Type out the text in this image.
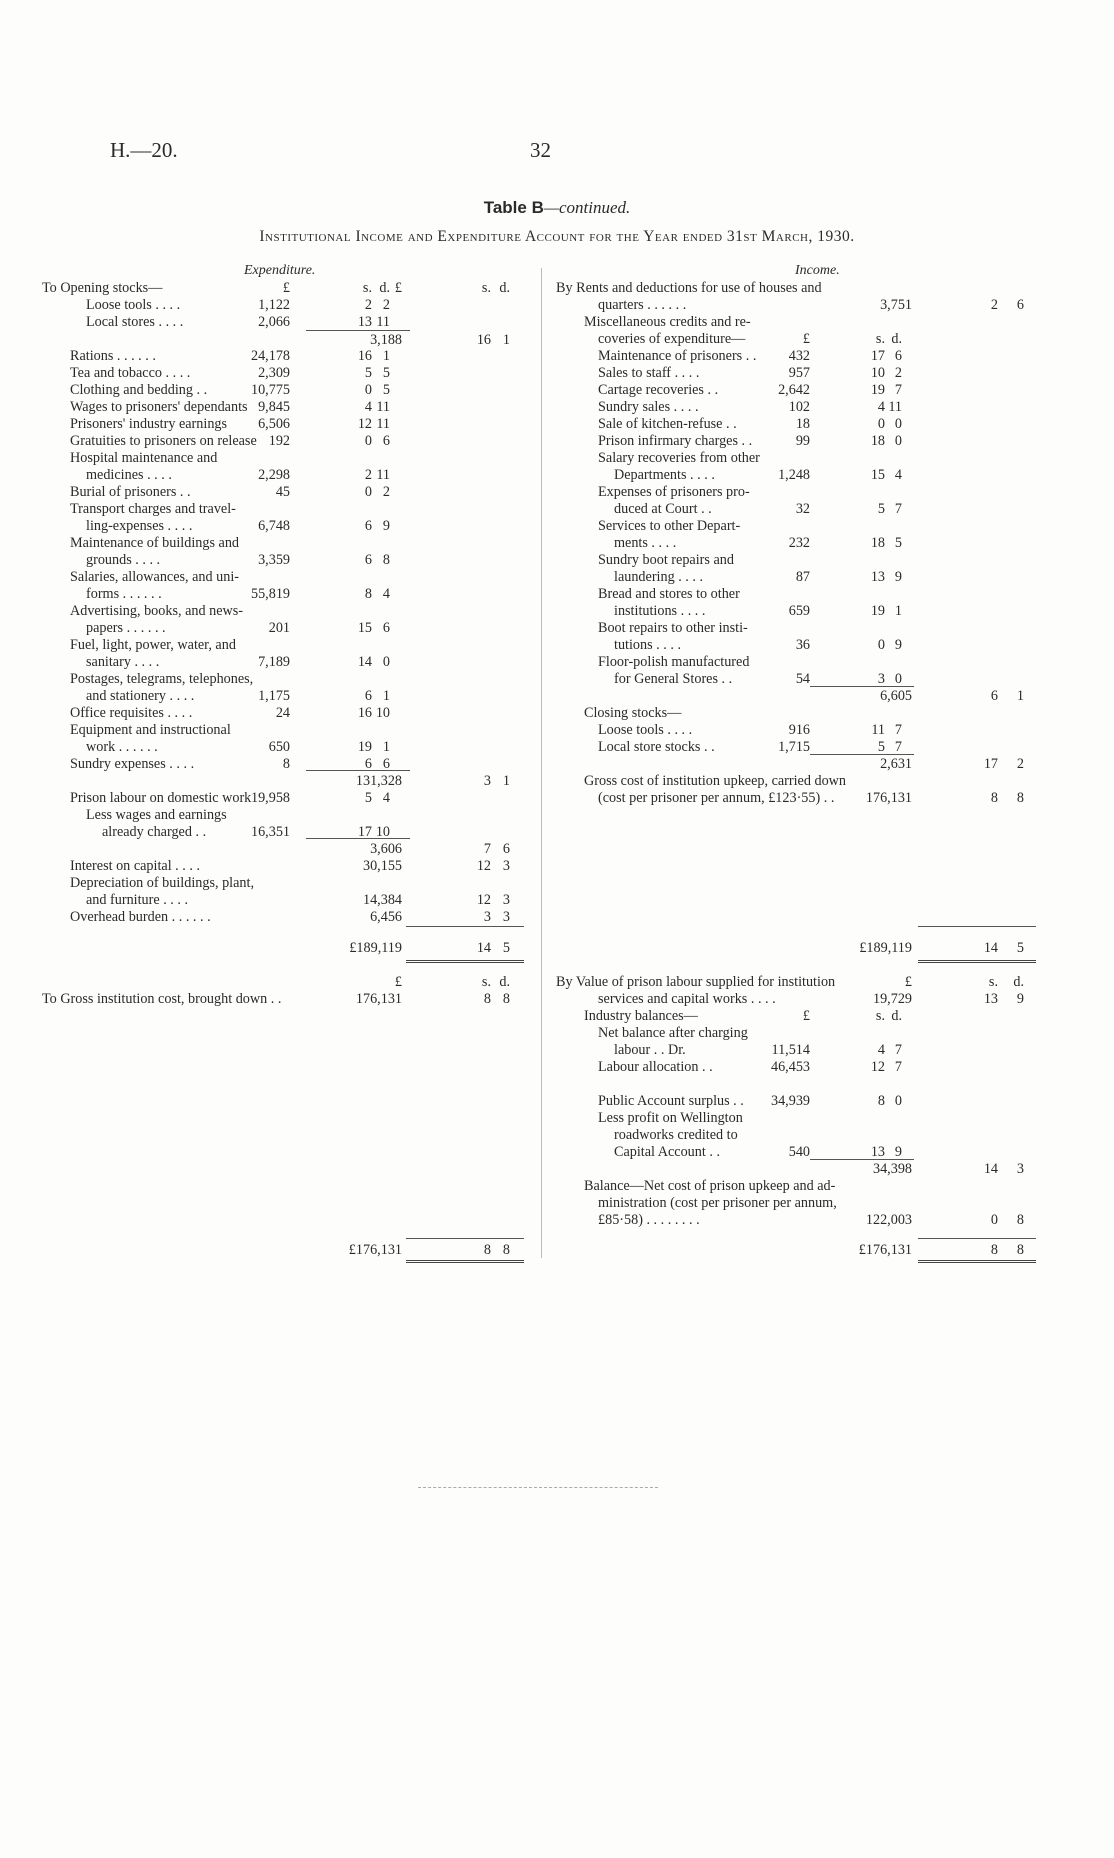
H.—20.	32
Table B—continued.
Institutional Income and Expenditure Account for the Year ended 31st March, 1930.
Expenditure.	Income.
£	s. d. £	s. d.
To Opening stocks—
Loose tools . . . .	1,122	2 2
Local stores . . . .	2,066	13 11
3,188	16 1
Rations . . . . . .	24,178	16 1
Tea and tobacco . . . .	2,309	5 5
Clothing and bedding . .	10,775	0 5
Wages to prisoners' dependants 9,845	4 11
Prisoners' industry earnings	6,506	12 11
Gratuities to prisoners on release 192	0 6
Hospital maintenance and
medicines . . . .	2,298	2 11
Burial of prisoners . .	45	0 2
Transport charges and travel-
ling-expenses . . . .	6,748	6 9
Maintenance of buildings and
grounds . . . .	3,359	6 8
Salaries, allowances, and uni-
forms . . . . . .	55,819	8 4
Advertising, books, and news-
papers . . . . . .	201	15 6
Fuel, light, power, water, and
sanitary . . . .	7,189	14 0
Postages, telegrams, telephones,
and stationery . . . .	1,175	6 1
Office requisites . . . .	24	16 10
Equipment and instructional
work . . . . . .	650	19 1
Sundry expenses . . . .	8	6 6
131,328	3 1
Prison labour on domestic work 19,958	5 4
Less wages and earnings
already charged . .	16,351	17 10
3,606	7 6
Interest on capital . . . .	30,155	12 3
Depreciation of buildings, plant,
and furniture . . . .	14,384	12 3
Overhead burden . . . . . .	6,456	3 3
£189,119	14 5
£	s. d.
To Gross institution cost, brought down . .	176,131	8 8
£176,131	8 8
By Rents and deductions for use of houses and
quarters . . . . . .	3,751	2	6
Miscellaneous credits and re-
coveries of expenditure—	£	s. d.
Maintenance of prisoners . .	432	17 6
Sales to staff . . . .	957	10 2
Cartage recoveries . .	2,642	19 7
Sundry sales . . . .	102	4 11
Sale of kitchen-refuse . .	18	0 0
Prison infirmary charges . .	99	18 0
Salary recoveries from other
Departments . . . .	1,248	15 4
Expenses of prisoners pro-
duced at Court . .	32	5 7
Services to other Depart-
ments . . . .	232	18 5
Sundry boot repairs and
laundering . . . .	87	13 9
Bread and stores to other
institutions . . . .	659	19 1
Boot repairs to other insti-
tutions . . . .	36	0 9
Floor-polish manufactured
for General Stores . .	54	3 0
6,605	6	1
Closing stocks—
Loose tools . . . .	916	11 7
Local store stocks . .	1,715	5 7
2,631	17	2
Gross cost of institution upkeep, carried down
(cost per prisoner per annum, £123·55) . .	176,131	8	8
£189,119	14	5
By Value of prison labour supplied for institution	£	s.	d.
services and capital works . . . .	19,729	13	9
Industry balances—	£	s. d.
Net balance after charging
labour . . Dr.	11,514	4 7
Labour allocation . .	46,453	12 7
Public Account surplus . .	34,939	8 0
Less profit on Wellington
roadworks credited to
Capital Account . .	540	13 9
34,398	14	3
Balance—Net cost of prison upkeep and ad-
ministration (cost per prisoner per annum,
£85·58) . . . . . . . .	122,003	0	8
£176,131	8	8
